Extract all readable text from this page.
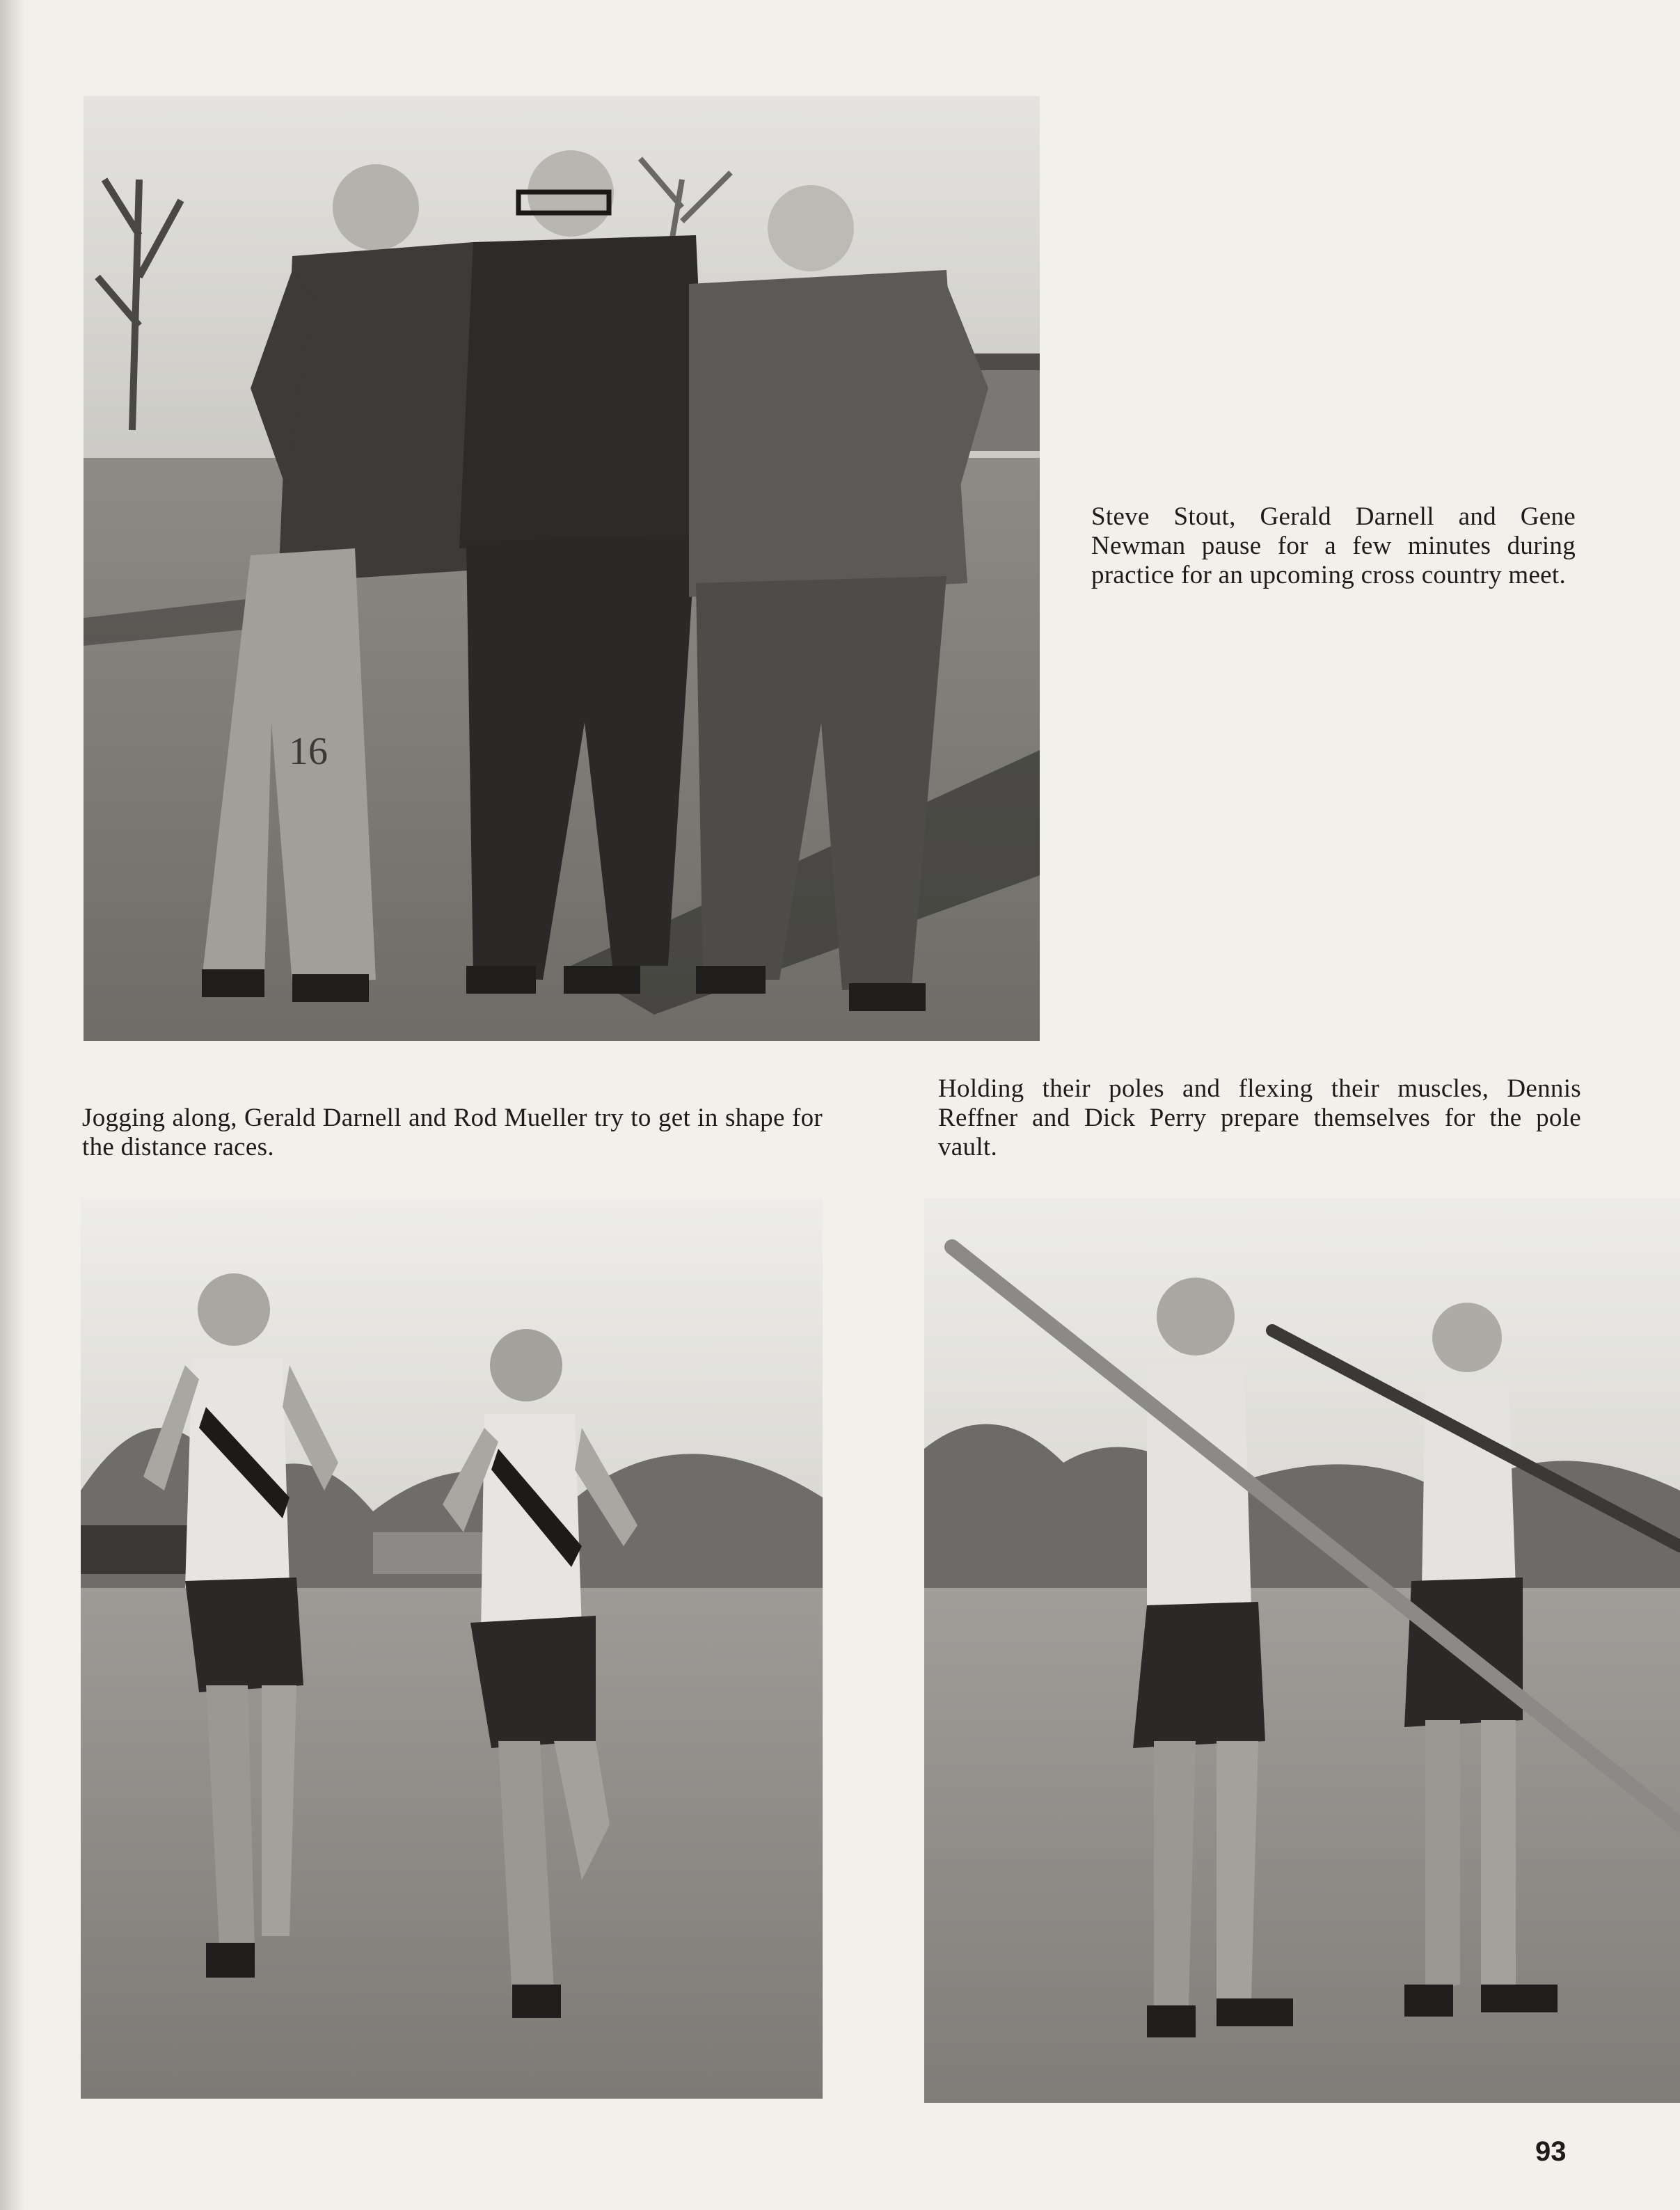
16
Steve Stout, Gerald Darnell and Gene Newman pause for a few minutes during practice for an upcoming cross country meet.
Jogging along, Gerald Darnell and Rod Mueller try to get in shape for the distance races.
Holding their poles and flexing their muscles, Dennis Reffner and Dick Perry prepare themselves for the pole vault.
93
